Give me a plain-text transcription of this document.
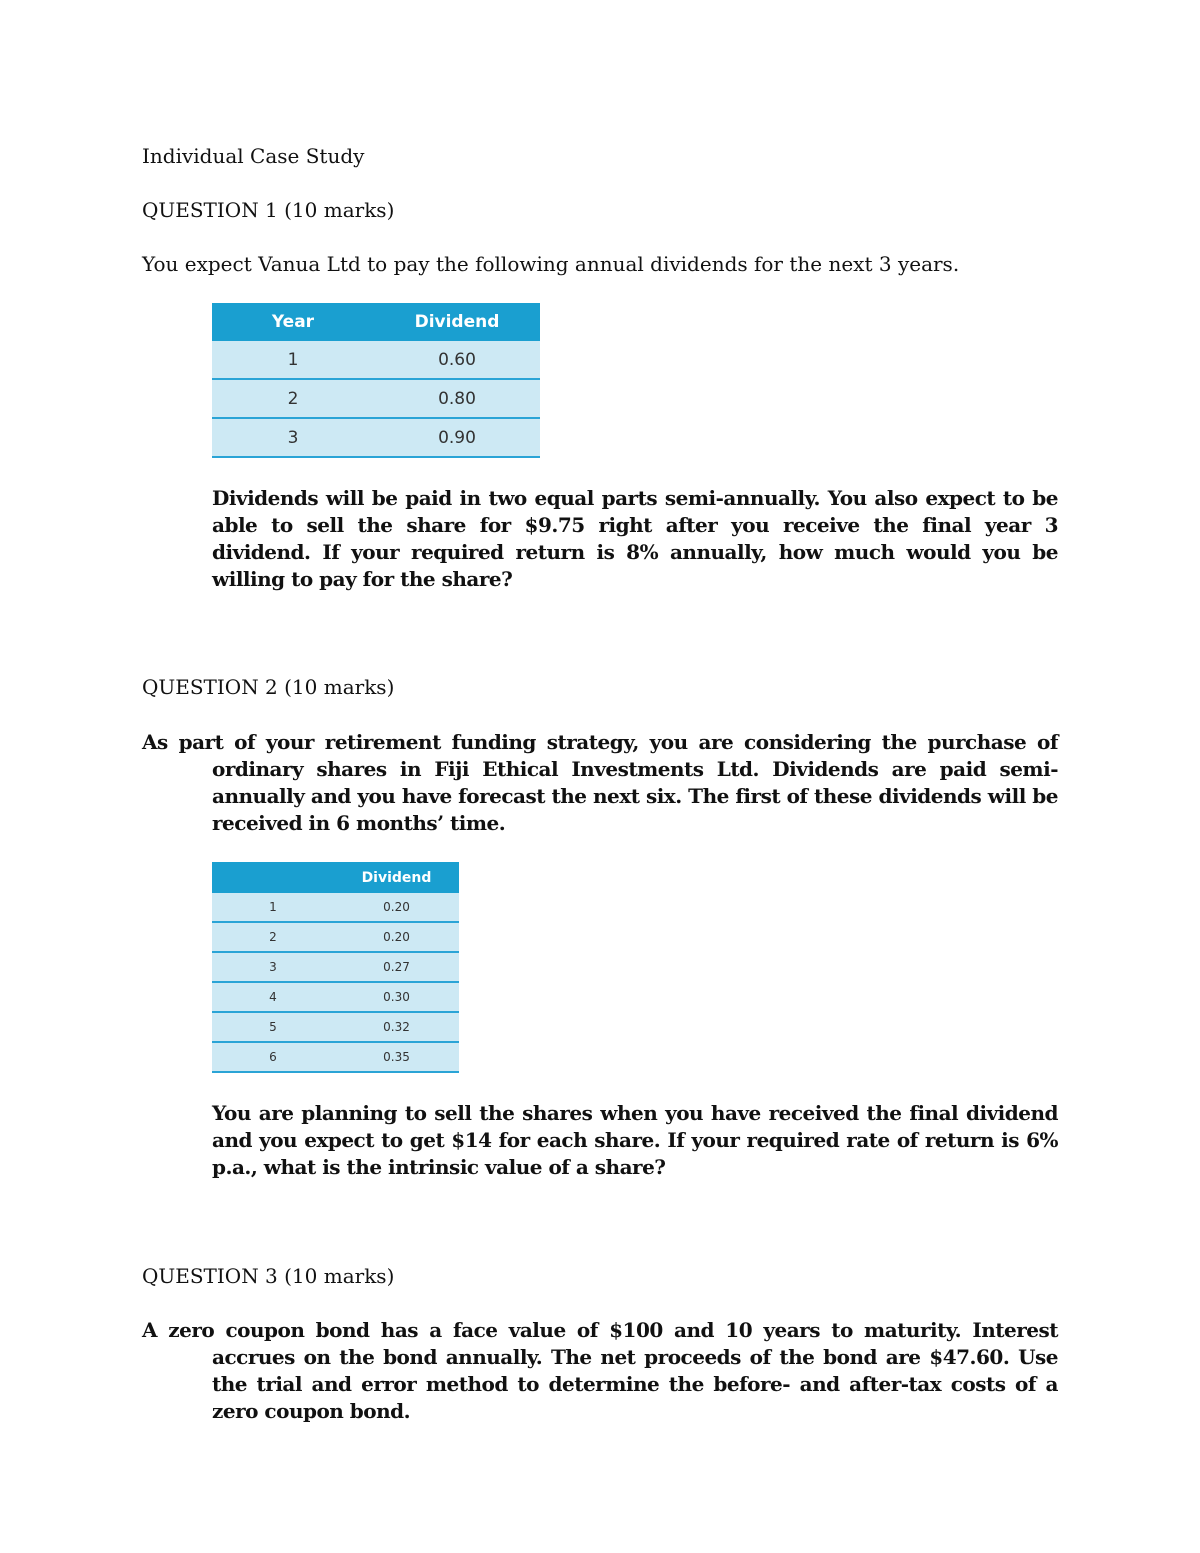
Individual Case Study

QUESTION 1 (10 marks)

You expect Vanua Ltd to pay the following annual dividends for the next 3 years.

Year	Dividend
1	0.60
2	0.80
3	0.90

Dividends will be paid in two equal parts semi-annually. You also expect to be able to sell the share for $9.75 right after you receive the final year 3 dividend. If your required return is 8% annually, how much would you be willing to pay for the share?

QUESTION 2 (10 marks)

As part of your retirement funding strategy, you are considering the purchase of ordinary shares in Fiji Ethical Investments Ltd. Dividends are paid semi-annually and you have forecast the next six. The first of these dividends will be received in 6 months’ time.

	Dividend
1	0.20
2	0.20
3	0.27
4	0.30
5	0.32
6	0.35

You are planning to sell the shares when you have received the final dividend and you expect to get $14 for each share. If your required rate of return is 6% p.a., what is the intrinsic value of a share?

QUESTION 3 (10 marks)

A zero coupon bond has a face value of $100 and 10 years to maturity. Interest accrues on the bond annually. The net proceeds of the bond are $47.60. Use the trial and error method to determine the before- and after-tax costs of a zero coupon bond.
